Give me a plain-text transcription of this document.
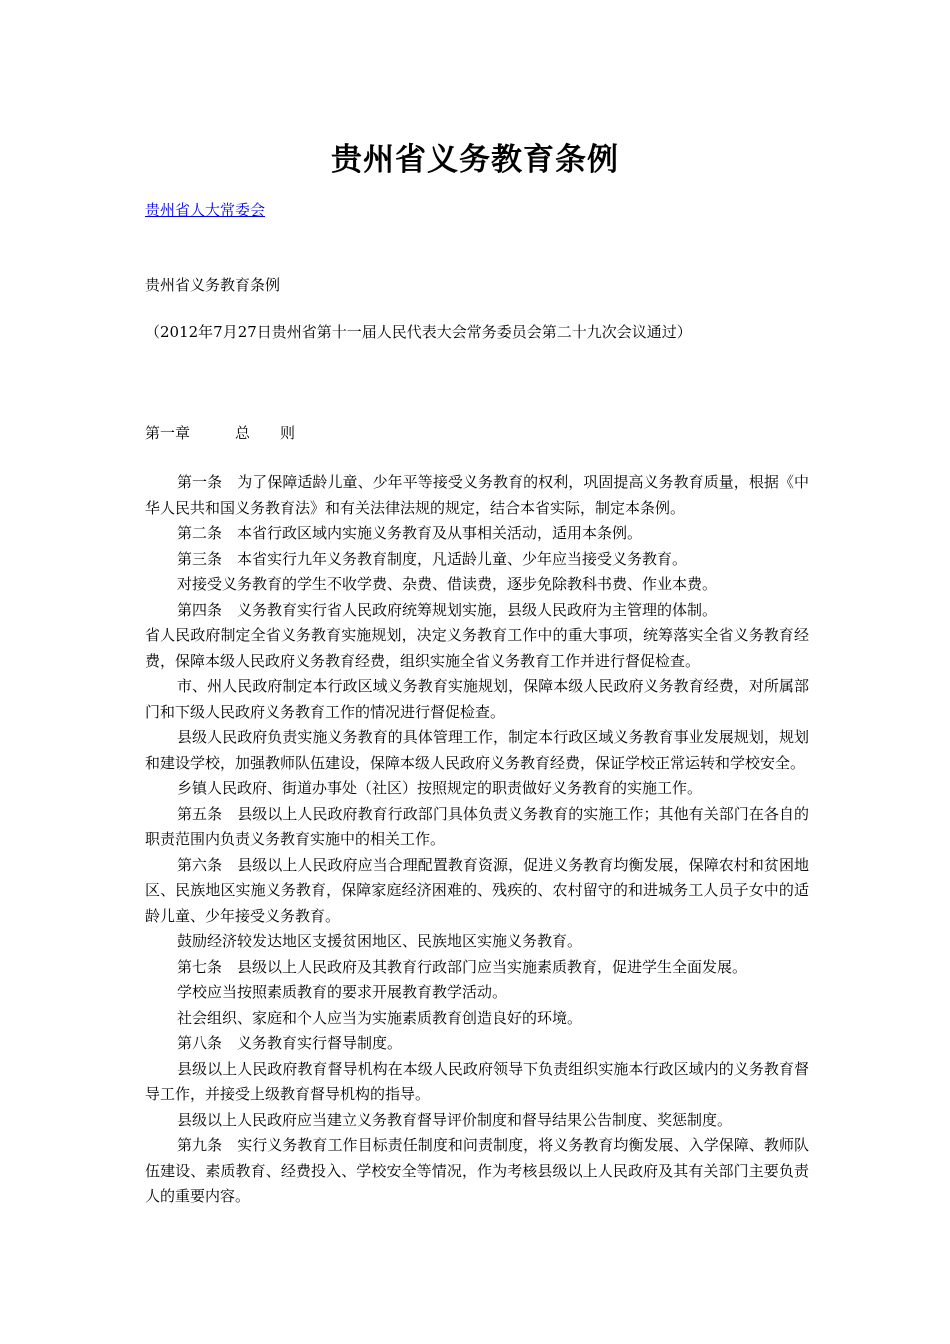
贵州省义务教育条例
贵州省人大常委会
贵州省义务教育条例
（2012年7月27日贵州省第十一届人民代表大会常务委员会第二十九次会议通过）
第一章　　　总　　则

第一条　为了保障适龄儿童、少年平等接受义务教育的权利，巩固提高义务教育质量，根据《中华人民共和国义务教育法》和有关法律法规的规定，结合本省实际，制定本条例。

第二条　本省行政区域内实施义务教育及从事相关活动，适用本条例。

第三条　本省实行九年义务教育制度，凡适龄儿童、少年应当接受义务教育。

对接受义务教育的学生不收学费、杂费、借读费，逐步免除教科书费、作业本费。

第四条　义务教育实行省人民政府统筹规划实施，县级人民政府为主管理的体制。

省人民政府制定全省义务教育实施规划，决定义务教育工作中的重大事项，统筹落实全省义务教育经费，保障本级人民政府义务教育经费，组织实施全省义务教育工作并进行督促检查。

市、州人民政府制定本行政区域义务教育实施规划，保障本级人民政府义务教育经费，对所属部门和下级人民政府义务教育工作的情况进行督促检查。

县级人民政府负责实施义务教育的具体管理工作，制定本行政区域义务教育事业发展规划，规划和建设学校，加强教师队伍建设，保障本级人民政府义务教育经费，保证学校正常运转和学校安全。

乡镇人民政府、街道办事处（社区）按照规定的职责做好义务教育的实施工作。

第五条　县级以上人民政府教育行政部门具体负责义务教育的实施工作；其他有关部门在各自的职责范围内负责义务教育实施中的相关工作。

第六条　县级以上人民政府应当合理配置教育资源，促进义务教育均衡发展，保障农村和贫困地区、民族地区实施义务教育，保障家庭经济困难的、残疾的、农村留守的和进城务工人员子女中的适龄儿童、少年接受义务教育。

鼓励经济较发达地区支援贫困地区、民族地区实施义务教育。

第七条　县级以上人民政府及其教育行政部门应当实施素质教育，促进学生全面发展。

学校应当按照素质教育的要求开展教育教学活动。

社会组织、家庭和个人应当为实施素质教育创造良好的环境。

第八条　义务教育实行督导制度。

县级以上人民政府教育督导机构在本级人民政府领导下负责组织实施本行政区域内的义务教育督导工作，并接受上级教育督导机构的指导。

县级以上人民政府应当建立义务教育督导评价制度和督导结果公告制度、奖惩制度。

第九条　实行义务教育工作目标责任制度和问责制度，将义务教育均衡发展、入学保障、教师队伍建设、素质教育、经费投入、学校安全等情况，作为考核县级以上人民政府及其有关部门主要负责人的重要内容。
